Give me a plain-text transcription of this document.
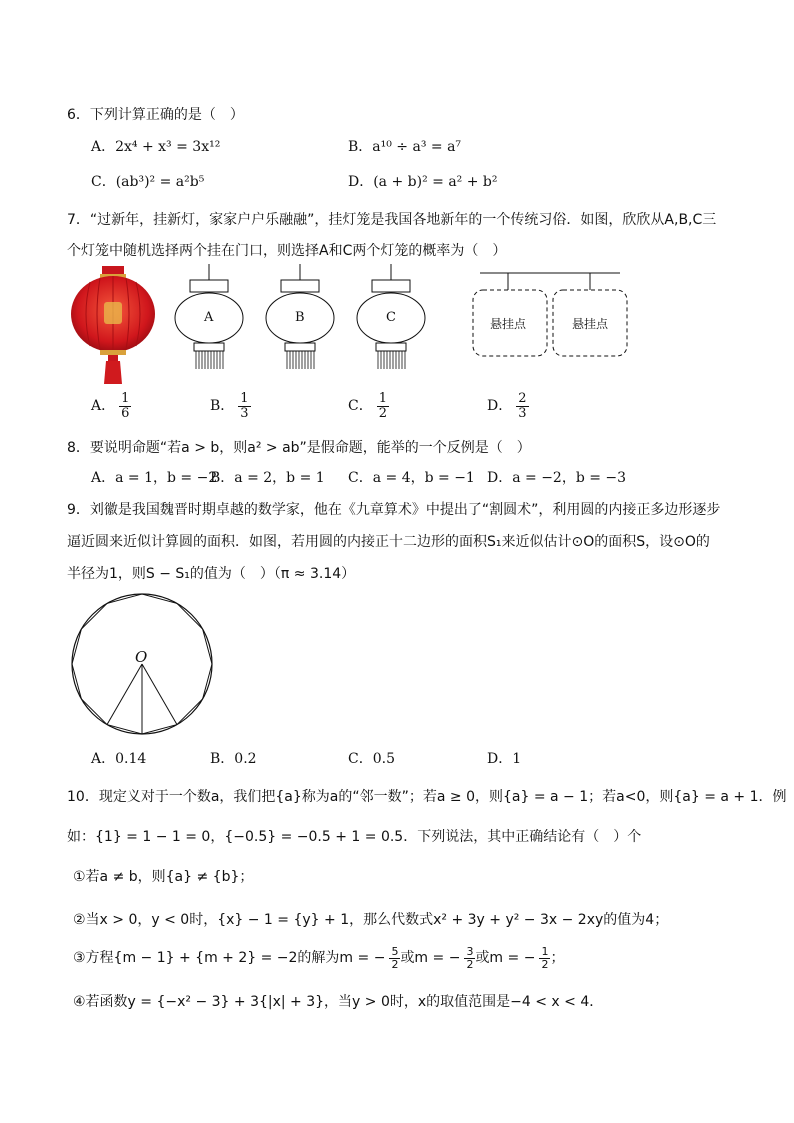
6．下列计算正确的是（　）
A．2x⁴ + x³ = 3x¹²	B．a¹⁰ ÷ a³ = a⁷
C．(ab³)² = a²b⁵	D．(a + b)² = a² + b²
7．“过新年，挂新灯，家家户户乐融融”，挂灯笼是我国各地新年的一个传统习俗．如图，欣欣从A,B,C三
个灯笼中随机选择两个挂在门口，则选择A和C两个灯笼的概率为（　）
A	B	C	悬挂点	悬挂点
A． $\frac{1}{6}$	B． $\frac{1}{3}$	C． $\frac{1}{2}$	D． $\frac{2}{3}$
8．要说明命题“若a > b，则a² > ab”是假命题，能举的一个反例是（　）
A．a = 1，b = −2
B．a = 2，b = 1 C．a = 4，b = −1 D．a = −2，b = −3
9．刘徽是我国魏晋时期卓越的数学家，他在《九章算术》中提出了“割圆术”，利用圆的内接正多边形逐步
逼近圆来近似计算圆的面积．如图，若用圆的内接正十二边形的面积S₁来近似估计⊙O的面积S，设⊙O的
半径为1，则S − S₁的值为（　）（π ≈ 3.14）
O
A．0.14	B．0.2	C．0.5	D．1
10．现定义对于一个数a，我们把{a}称为a的“邻一数”；若a ≥ 0，则{a} = a − 1；若a<0，则{a} = a + 1．例
如：{1} = 1 − 1 = 0，{−0.5} = −0.5 + 1 = 0.5．下列说法，其中正确结论有（　）个
①若a ≠ b，则{a} ≠ {b}；
②当x > 0，y < 0时，{x} − 1 = {y} + 1，那么代数式x² + 3y + y² − 3x − 2xy的值为4；
③方程{m − 1} + {m + 2} = −2的解为m = − $\frac{5}{2}$ 或m = − $\frac{3}{2}$ 或m = − $\frac{1}{2}$ ；
④若函数y = {−x² − 3} + 3{|x| + 3}，当y > 0时，x的取值范围是−4 < x < 4．
